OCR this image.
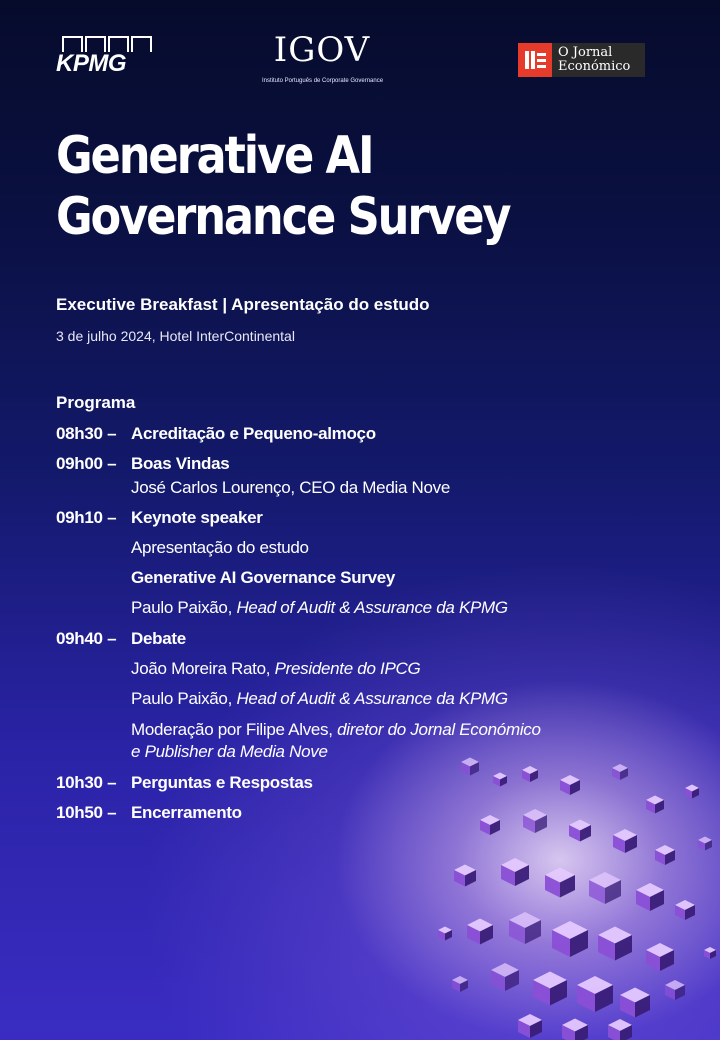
KPMG	IGOV
Instituto Português de Corporate Governance
O Jornal
Económico
Generative AI
Governance Survey
Executive Breakfast | Apresentação do estudo
3 de julho 2024, Hotel InterContinental
Programa
08h30 – Acreditação e Pequeno-almoço
09h00 – Boas Vindas
José Carlos Lourenço, CEO da Media Nove
09h10 – Keynote speaker
Apresentação do estudo
Generative AI Governance Survey
Paulo Paixão, Head of Audit & Assurance da KPMG
09h40 – Debate
João Moreira Rato, Presidente do IPCG
Paulo Paixão, Head of Audit & Assurance da KPMG
Moderação por Filipe Alves, diretor do Jornal Económico
e Publisher da Media Nove
10h30 – Perguntas e Respostas
10h50 – Encerramento
